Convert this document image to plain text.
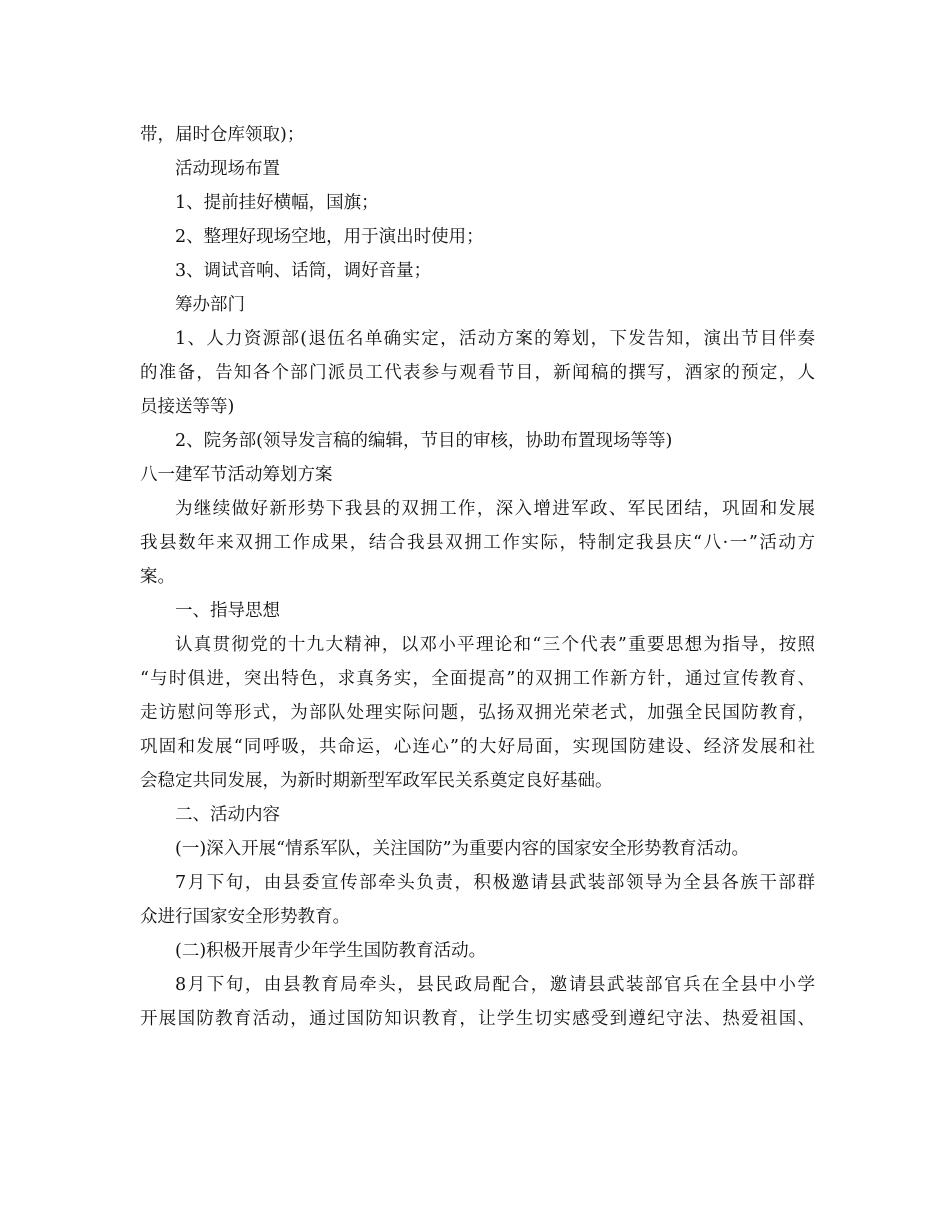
带，届时仓库领取)；
活动现场布置
1、提前挂好横幅，国旗；
2、整理好现场空地，用于演出时使用；
3、调试音响、话筒，调好音量；
筹办部门
1、人力资源部(退伍名单确实定，活动方案的筹划，下发告知，演出节目伴奏
的准备，告知各个部门派员工代表参与观看节目，新闻稿的撰写，酒家的预定，人
员接送等等)
2、院务部(领导发言稿的编辑，节目的审核，协助布置现场等等)
八一建军节活动筹划方案
为继续做好新形势下我县的双拥工作，深入增进军政、军民团结，巩固和发展
我县数年来双拥工作成果，结合我县双拥工作实际，特制定我县庆“八·一”活动方
案。
一、指导思想
认真贯彻党的十九大精神，以邓小平理论和“三个代表”重要思想为指导，按照
“与时俱进，突出特色，求真务实，全面提高”的双拥工作新方针，通过宣传教育、
走访慰问等形式，为部队处理实际问题，弘扬双拥光荣老式，加强全民国防教育，
巩固和发展“同呼吸，共命运，心连心”的大好局面，实现国防建设、经济发展和社
会稳定共同发展，为新时期新型军政军民关系奠定良好基础。
二、活动内容
(一)深入开展“情系军队，关注国防”为重要内容的国家安全形势教育活动。
7月下旬，由县委宣传部牵头负责，积极邀请县武装部领导为全县各族干部群
众进行国家安全形势教育。
(二)积极开展青少年学生国防教育活动。
8月下旬，由县教育局牵头，县民政局配合，邀请县武装部官兵在全县中小学
开展国防教育活动，通过国防知识教育，让学生切实感受到遵纪守法、热爱祖国、
